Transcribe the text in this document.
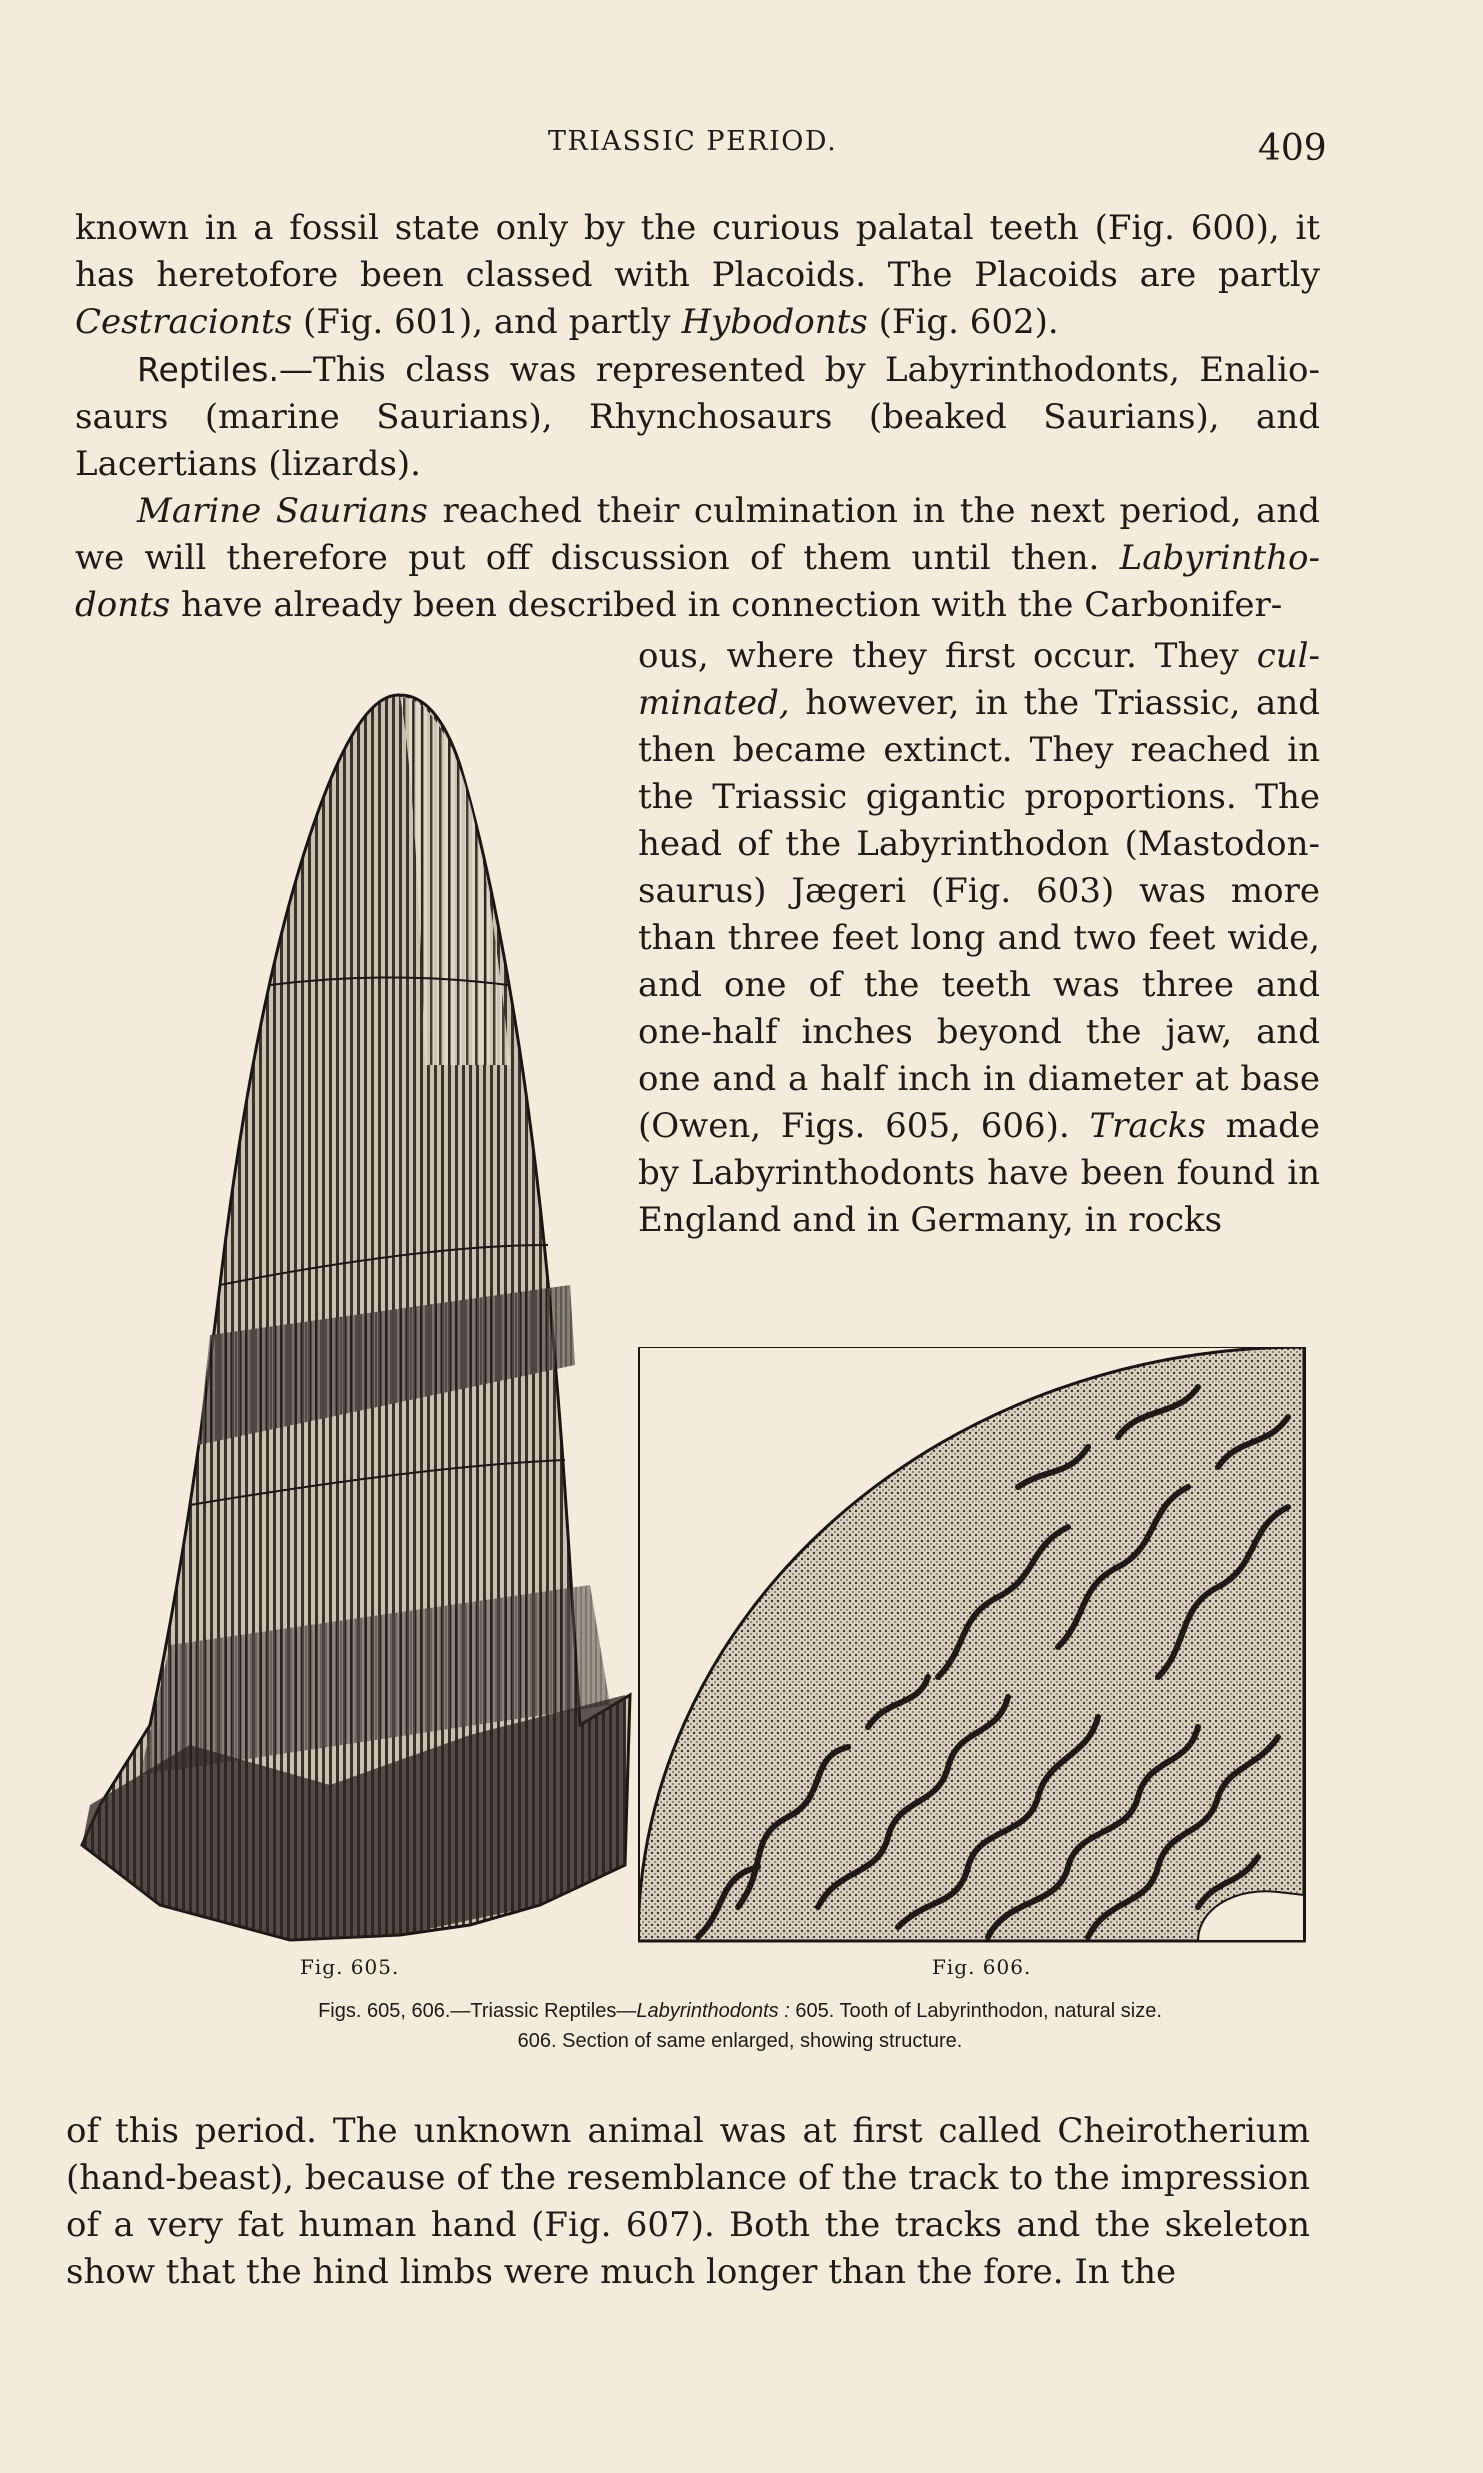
TRIASSIC PERIOD.	409

known in a fossil state only by the curious palatal teeth (Fig. 600), it has heretofore been classed with Placoids. The Placoids are partly Cestracionts (Fig. 601), and partly Hybodonts (Fig. 602).

Reptiles.—This class was represented by Labyrinthodonts, Enalio-saurs (marine Saurians), Rhynchosaurs (beaked Saurians), and Lacertians (lizards).

Marine Saurians reached their culmination in the next period, and we will therefore put off discussion of them until then. Labyrintho-donts have already been described in connection with the Carbonifer-

ous, where they first occur. They cul-minated, however, in the Triassic, and then became extinct. They reached in the Triassic gigantic proportions. The head of the Labyrinthodon (Mastodon-saurus) Jægeri (Fig. 603) was more than three feet long and two feet wide, and one of the teeth was three and one-half inches beyond the jaw, and one and a half inch in diameter at base (Owen, Figs. 605, 606). Tracks made by Labyrinthodonts have been found in England and in Germany, in rocks

Fig. 605.	Fig. 606.
Figs. 605, 606.—Triassic Reptiles—Labyrinthodonts : 605. Tooth of Labyrinthodon, natural size.
606. Section of same enlarged, showing structure.

of this period. The unknown animal was at first called Cheirotherium (hand-beast), because of the resemblance of the track to the impression of a very fat human hand (Fig. 607). Both the tracks and the skeleton show that the hind limbs were much longer than the fore. In the
